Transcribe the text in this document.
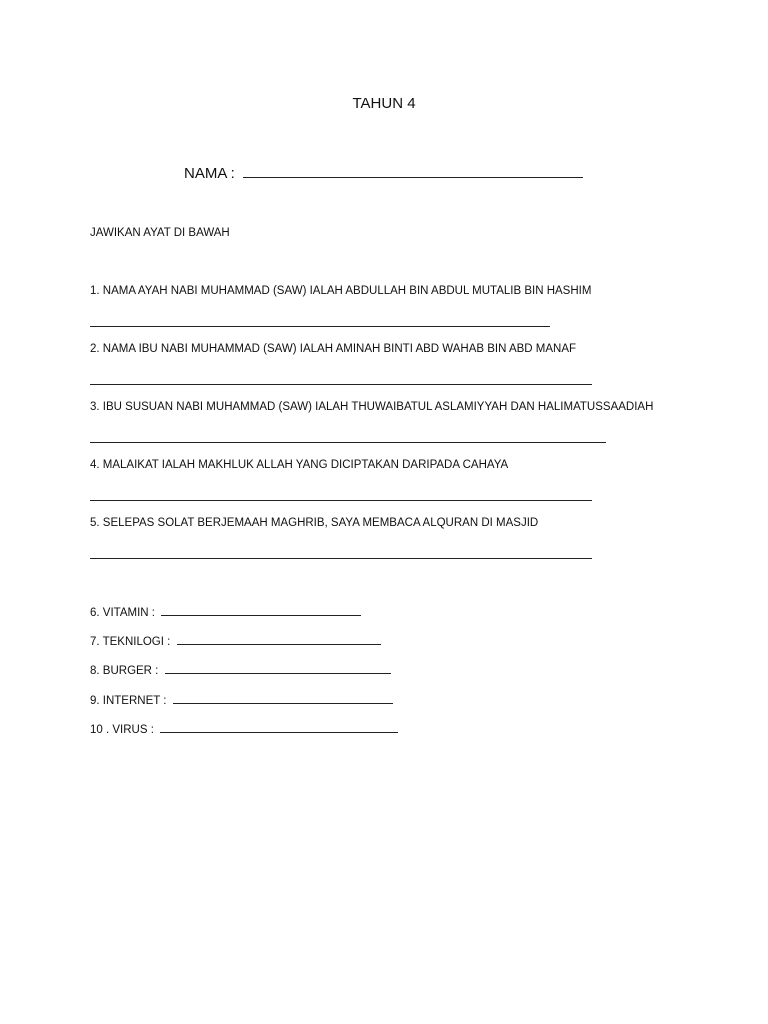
TAHUN 4
NAMA :
JAWIKAN AYAT DI BAWAH
1. NAMA AYAH NABI MUHAMMAD (SAW) IALAH ABDULLAH BIN ABDUL MUTALIB BIN HASHIM
2. NAMA IBU NABI MUHAMMAD (SAW) IALAH AMINAH BINTI ABD WAHAB BIN ABD MANAF
3. IBU SUSUAN NABI MUHAMMAD (SAW) IALAH THUWAIBATUL ASLAMIYYAH DAN HALIMATUSSAADIAH
4. MALAIKAT IALAH MAKHLUK ALLAH YANG DICIPTAKAN DARIPADA CAHAYA
5. SELEPAS SOLAT BERJEMAAH MAGHRIB, SAYA MEMBACA ALQURAN DI MASJID
6. VITAMIN :
7. TEKNILOGI :
8. BURGER :
9. INTERNET :
10 . VIRUS :
